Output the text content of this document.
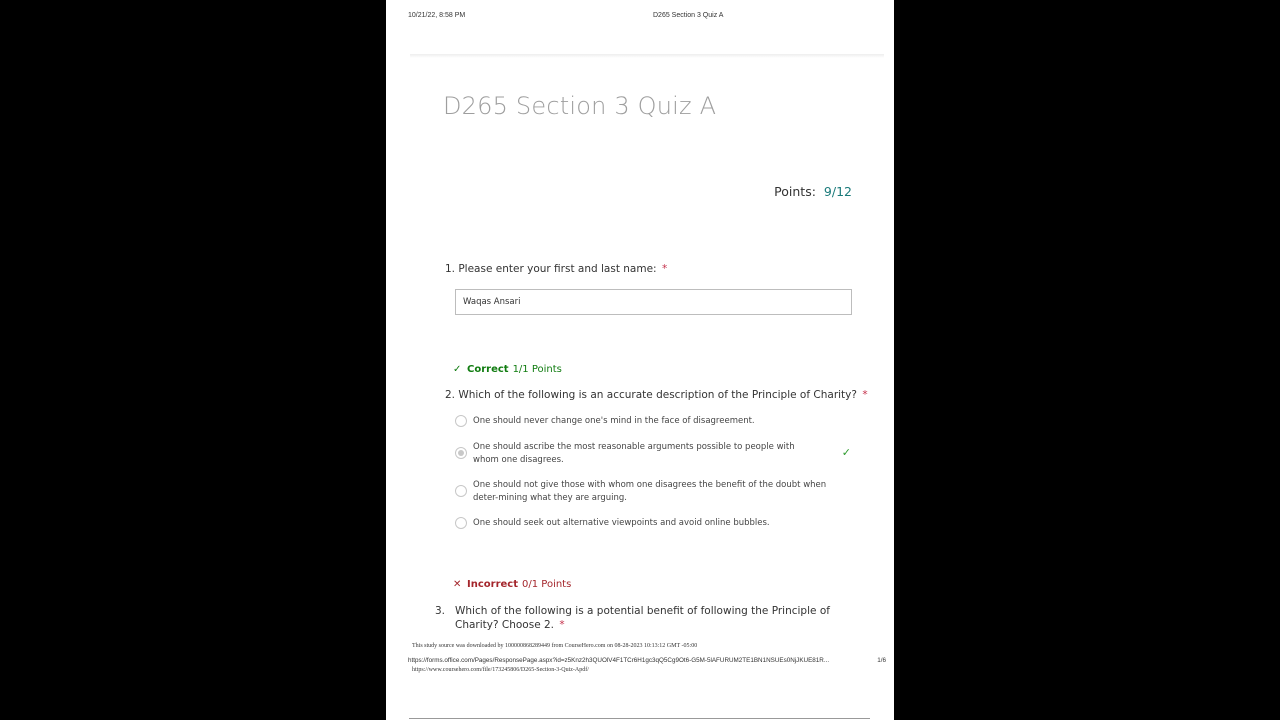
10/21/22, 8:58 PM	D265 Section 3 Quiz A
D265 Section 3 Quiz A
Points: 9/12
1. Please enter your first and last name: *
Waqas Ansari
✓ Correct 1/1 Points
2. Which of the following is an accurate description of the Principle of Charity? *
One should never change one's mind in the face of disagreement.
One should ascribe the most reasonable arguments possible to people with whom one disagrees.
✓
One should not give those with whom one disagrees the benefit of the doubt when deter-mining what they are arguing.
One should seek out alternative viewpoints and avoid online bubbles.
✕ Incorrect 0/1 Points
3. Which of the following is a potential benefit of following the Principle of Charity? Choose 2. *
This study source was downloaded by 100000868289449 from CourseHero.com on 08-28-2023 10:13:12 GMT -05:00
https://forms.office.com/Pages/ResponsePage.aspx?id=z5Knz2h3QUOlV4F1TCr6H1gc3qQ5Cg9Ot6-G5M-5lAFURUM2TE1BN1NSUEs0NjJKUE81R...	1/6
https://www.coursehero.com/file/173245806/D265-Section-3-Quiz-Apdf/
